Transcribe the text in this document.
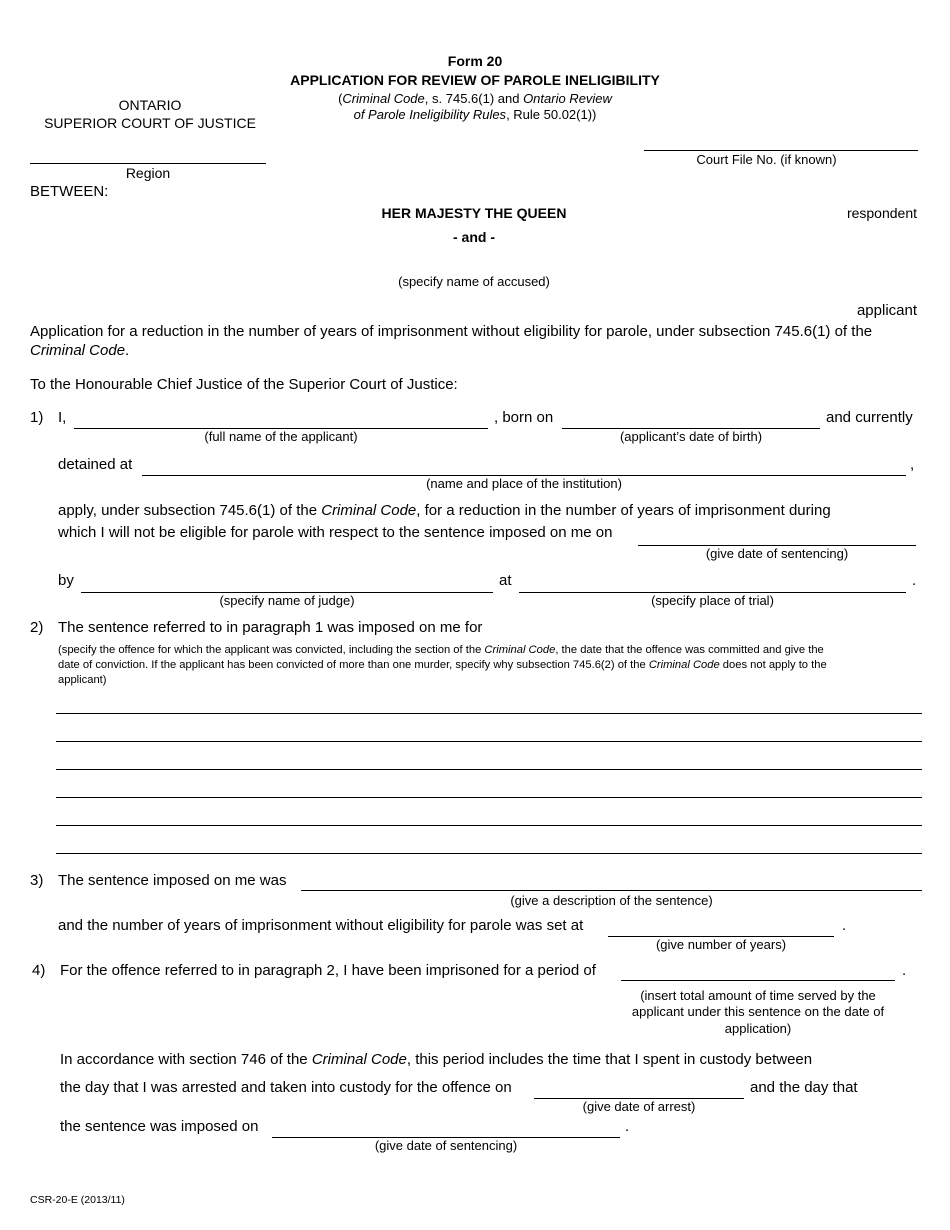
Form 20
APPLICATION FOR REVIEW OF PAROLE INELIGIBILITY
(Criminal Code, s. 745.6(1) and Ontario Review
of Parole Ineligibility Rules, Rule 50.02(1))
ONTARIO
SUPERIOR COURT OF JUSTICE
Region
Court File No. (if known)
BETWEEN:
HER MAJESTY THE QUEEN	respondent
- and -
(specify name of accused)
applicant
Application for a reduction in the number of years of imprisonment without eligibility for parole, under subsection 745.6(1) of the
Criminal Code.
To the Honourable Chief Justice of the Superior Court of Justice:
1) I,
(full name of the applicant)
, born on
(applicant’s date of birth)
and currently
detained at	,
(name and place of the institution)
apply, under subsection 745.6(1) of the Criminal Code, for a reduction in the number of years of imprisonment during
which I will not be eligible for parole with respect to the sentence imposed on me on
(give date of sentencing)
by
(specify name of judge)
at
(specify place of trial)
.
2) The sentence referred to in paragraph 1 was imposed on me for
(specify the offence for which the applicant was convicted, including the section of the Criminal Code, the date that the offence was committed and give the
date of conviction. If the applicant has been convicted of more than one murder, specify why subsection 745.6(2) of the Criminal Code does not apply to the
applicant)
3) The sentence imposed on me was
(give a description of the sentence)
and the number of years of imprisonment without eligibility for parole was set at
(give number of years)
.
4) For the offence referred to in paragraph 2, I have been imprisoned for a period of	.
(insert total amount of time served by the
applicant under this sentence on the date of
application)
In accordance with section 746 of the Criminal Code, this period includes the time that I spent in custody between
the day that I was arrested and taken into custody for the offence on
(give date of arrest)
and the day that
the sentence was imposed on	.
(give date of sentencing)
CSR-20-E (2013/11)
